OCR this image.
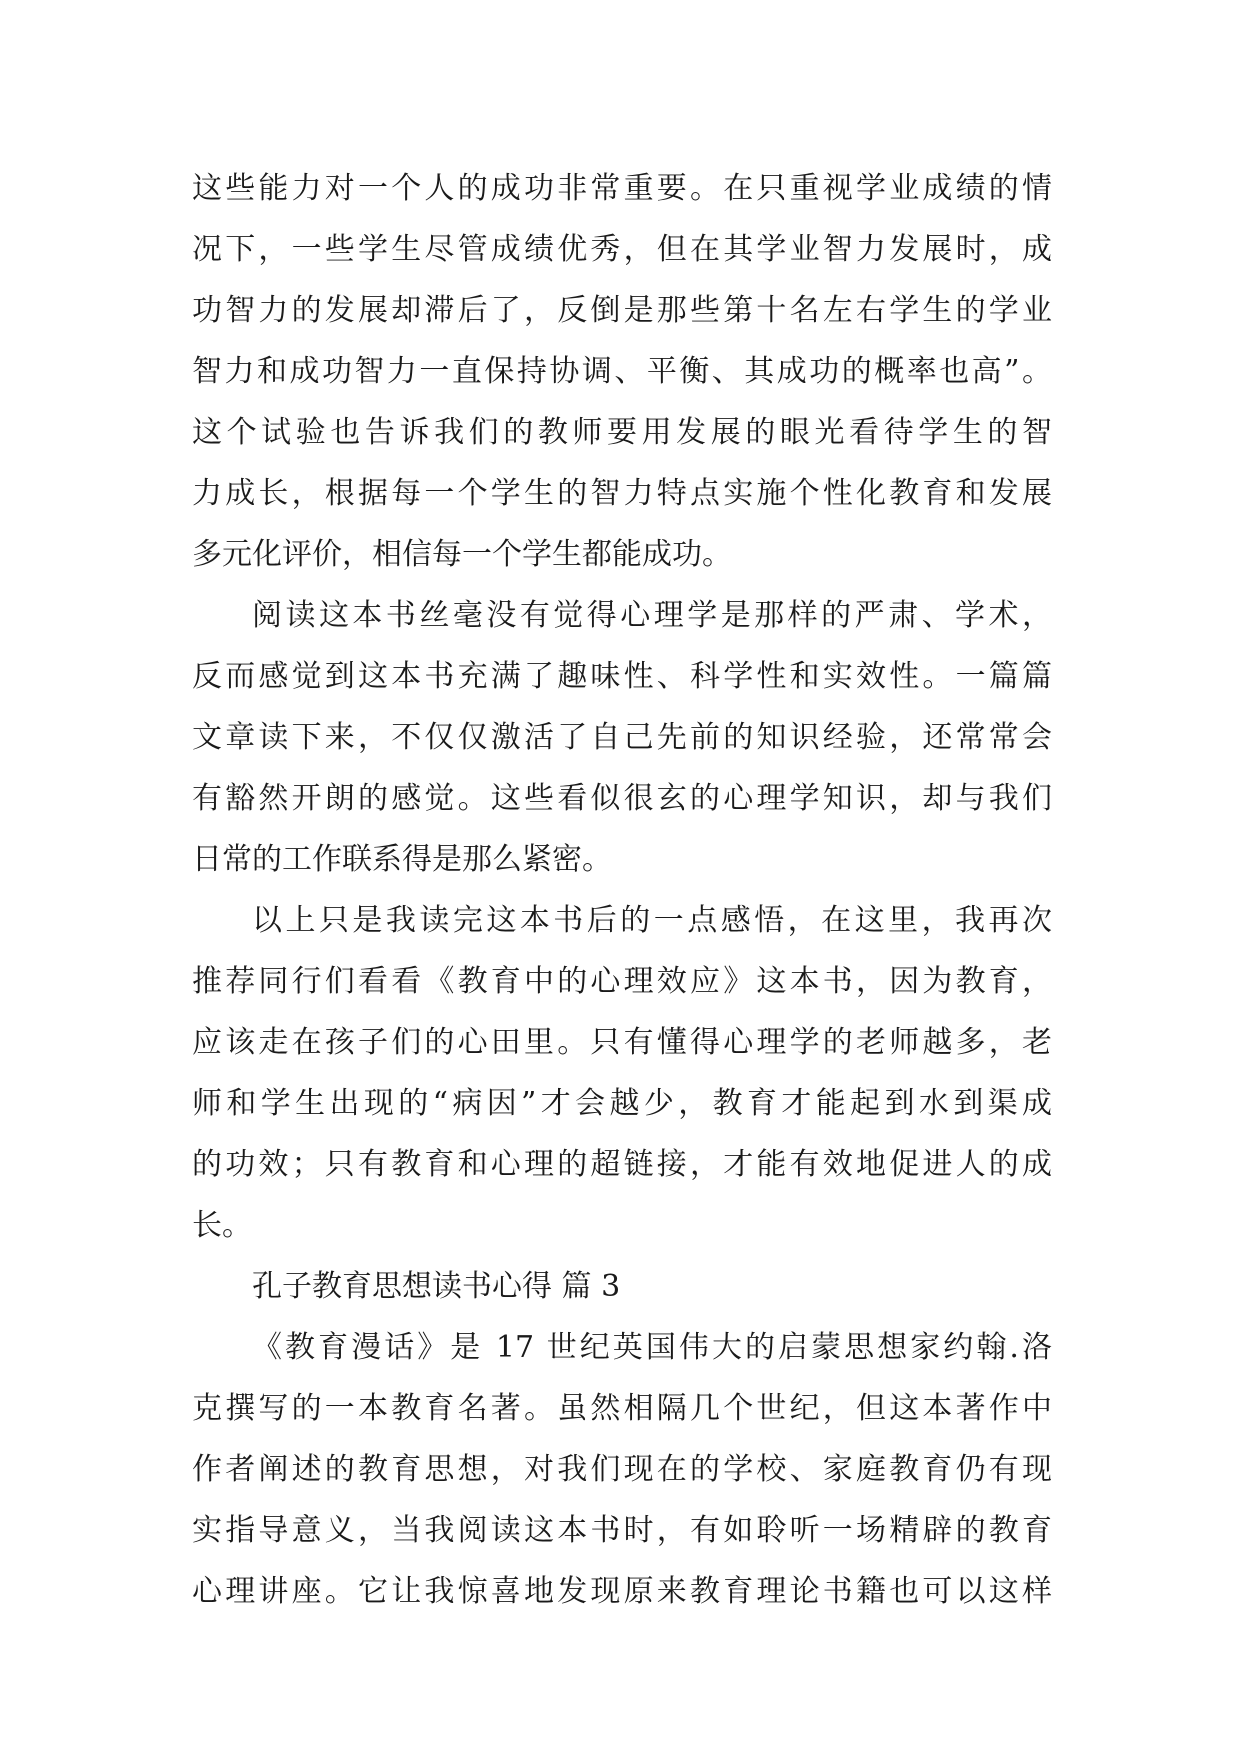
这些能力对一个人的成功非常重要。在只重视学业成绩的情
况下，一些学生尽管成绩优秀，但在其学业智力发展时，成
功智力的发展却滞后了，反倒是那些第十名左右学生的学业
智力和成功智力一直保持协调、平衡、其成功的概率也高”。
这个试验也告诉我们的教师要用发展的眼光看待学生的智
力成长，根据每一个学生的智力特点实施个性化教育和发展
多元化评价，相信每一个学生都能成功。
阅读这本书丝毫没有觉得心理学是那样的严肃、学术，
反而感觉到这本书充满了趣味性、科学性和实效性。一篇篇
文章读下来，不仅仅激活了自己先前的知识经验，还常常会
有豁然开朗的感觉。这些看似很玄的心理学知识，却与我们
日常的工作联系得是那么紧密。
以上只是我读完这本书后的一点感悟，在这里，我再次
推荐同行们看看《教育中的心理效应》这本书，因为教育，
应该走在孩子们的心田里。只有懂得心理学的老师越多，老
师和学生出现的“病因”才会越少，教育才能起到水到渠成
的功效；只有教育和心理的超链接，才能有效地促进人的成
长。
孔子教育思想读书心得 篇 3
《教育漫话》是 17 世纪英国伟大的启蒙思想家约翰.洛
克撰写的一本教育名著。虽然相隔几个世纪，但这本著作中
作者阐述的教育思想，对我们现在的学校、家庭教育仍有现
实指导意义，当我阅读这本书时，有如聆听一场精辟的教育
心理讲座。它让我惊喜地发现原来教育理论书籍也可以这样
